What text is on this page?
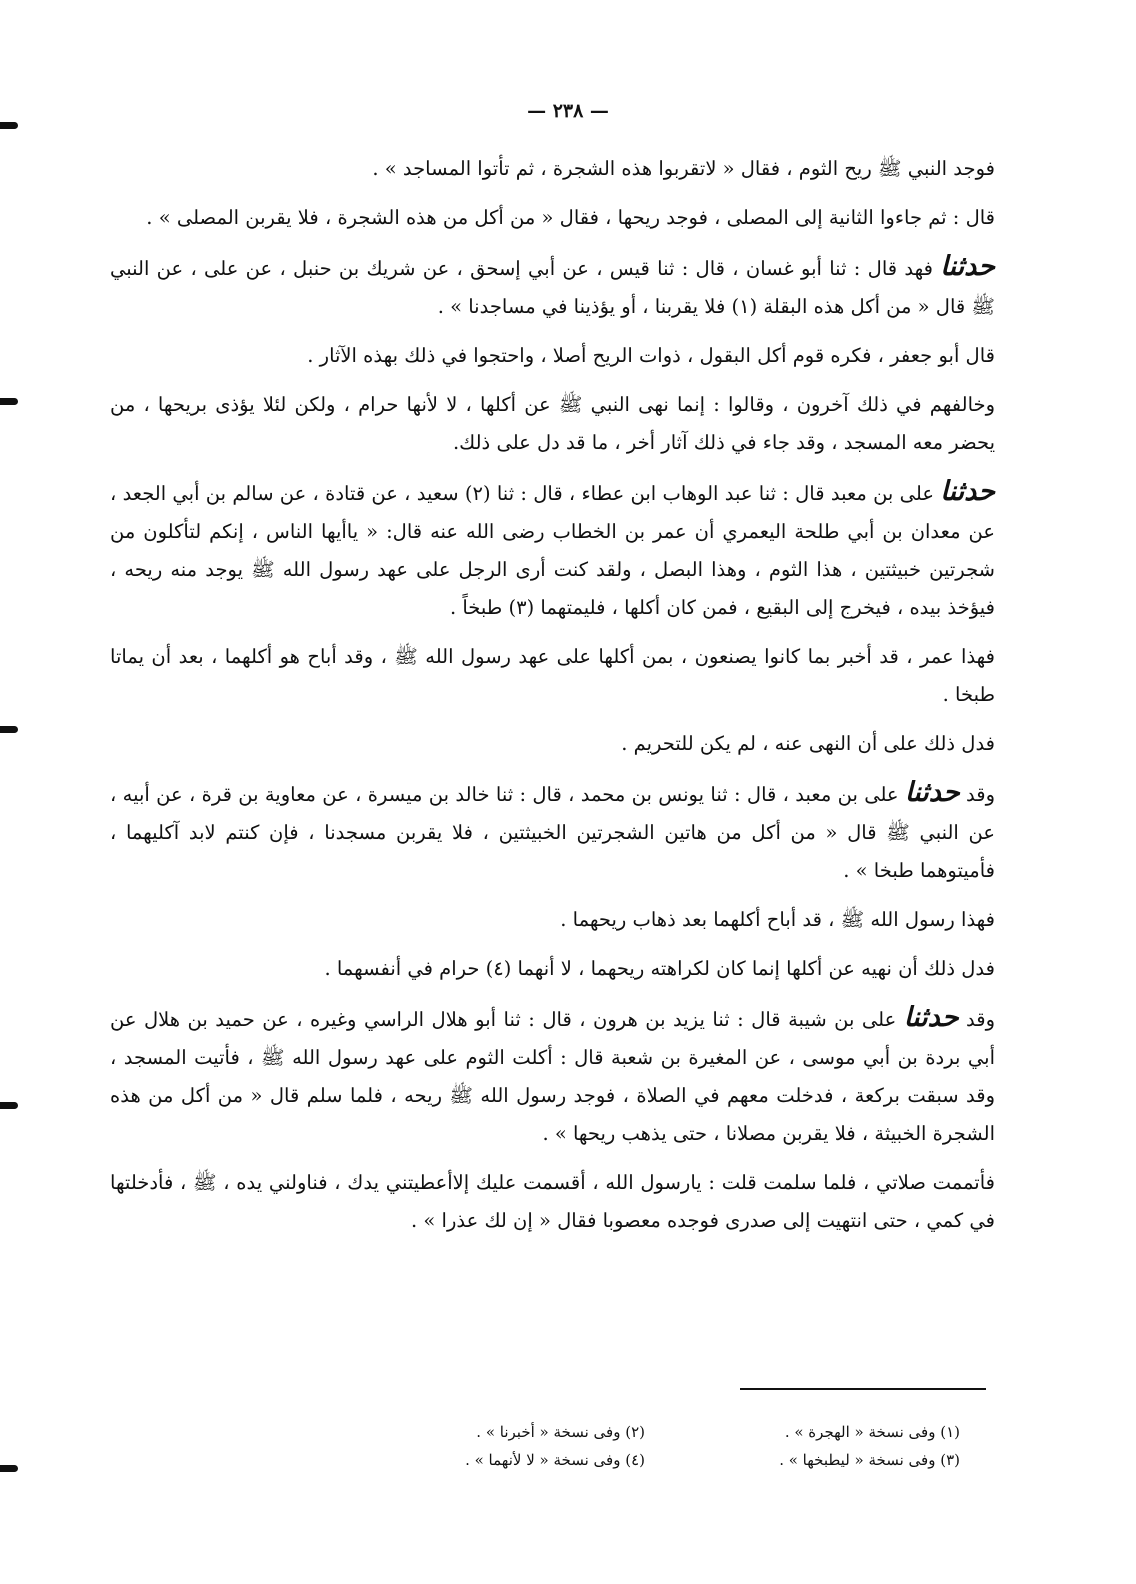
— ٢٣٨ —

فوجد النبي ﷺ ريح الثوم ، فقال « لاتقربوا هذه الشجرة ، ثم تأتوا المساجد » .

قال : ثم جاءوا الثانية إلى المصلى ، فوجد ريحها ، فقال « من أكل من هذه الشجرة ، فلا يقربن المصلى » .

حدثنا فهد قال : ثنا أبو غسان ، قال : ثنا قيس ، عن أبي إسحق ، عن شريك بن حنبل ، عن على ، عن النبي ﷺ قال « من أكل هذه البقلة (١) فلا يقربنا ، أو يؤذينا في مساجدنا » .

قال أبو جعفر ، فكره قوم أكل البقول ، ذوات الريح أصلا ، واحتجوا في ذلك بهذه الآثار .

وخالفهم في ذلك آخرون ، وقالوا : إنما نهى النبي ﷺ عن أكلها ، لا لأنها حرام ، ولكن لئلا يؤذى بريحها ، من يحضر معه المسجد ، وقد جاء في ذلك آثار أخر ، ما قد دل على ذلك.

حدثنا على بن معبد قال : ثنا عبد الوهاب ابن عطاء ، قال : ثنا (٢) سعيد ، عن قتادة ، عن سالم بن أبي الجعد ، عن معدان بن أبي طلحة اليعمري أن عمر بن الخطاب رضى الله عنه قال: « ياأيها الناس ، إنكم لتأكلون من شجرتين خبيثتين ، هذا الثوم ، وهذا البصل ، ولقد كنت أرى الرجل على عهد رسول الله ﷺ يوجد منه ريحه ، فيؤخذ بيده ، فيخرج إلى البقيع ، فمن كان أكلها ، فليمتهما (٣) طبخاً .

فهذا عمر ، قد أخبر بما كانوا يصنعون ، بمن أكلها على عهد رسول الله ﷺ ، وقد أباح هو أكلهما ، بعد أن يماتا طبخا .

فدل ذلك على أن النهى عنه ، لم يكن للتحريم .

وقد حدثنا على بن معبد ، قال : ثنا يونس بن محمد ، قال : ثنا خالد بن ميسرة ، عن معاوية بن قرة ، عن أبيه ، عن النبي ﷺ قال « من أكل من هاتين الشجرتين الخبيثتين ، فلا يقربن مسجدنا ، فإن كنتم لابد آكليهما ، فأميتوهما طبخا » .

فهذا رسول الله ﷺ ، قد أباح أكلهما بعد ذهاب ريحهما .

فدل ذلك أن نهيه عن أكلها إنما كان لكراهته ريحهما ، لا أنهما (٤) حرام في أنفسهما .

وقد حدثنا على بن شيبة قال : ثنا يزيد بن هرون ، قال : ثنا أبو هلال الراسي وغيره ، عن حميد بن هلال عن أبي بردة بن أبي موسى ، عن المغيرة بن شعبة قال : أكلت الثوم على عهد رسول الله ﷺ ، فأتيت المسجد ، وقد سبقت بركعة ، فدخلت معهم في الصلاة ، فوجد رسول الله ﷺ ريحه ، فلما سلم قال « من أكل من هذه الشجرة الخبيثة ، فلا يقربن مصلانا ، حتى يذهب ريحها » .

فأتممت صلاتي ، فلما سلمت قلت : يارسول الله ، أقسمت عليك إلاأعطيتني يدك ، فناولني يده ، ﷺ ، فأدخلتها في كمي ، حتى انتهيت إلى صدرى فوجده معصوبا فقال « إن لك عذرا » .

(١) وفى نسخة « الهجرة » .
(٢) وفى نسخة « أخبرنا » .
(٣) وفى نسخة « ليطبخها » .
(٤) وفى نسخة « لا لأنهما » .
